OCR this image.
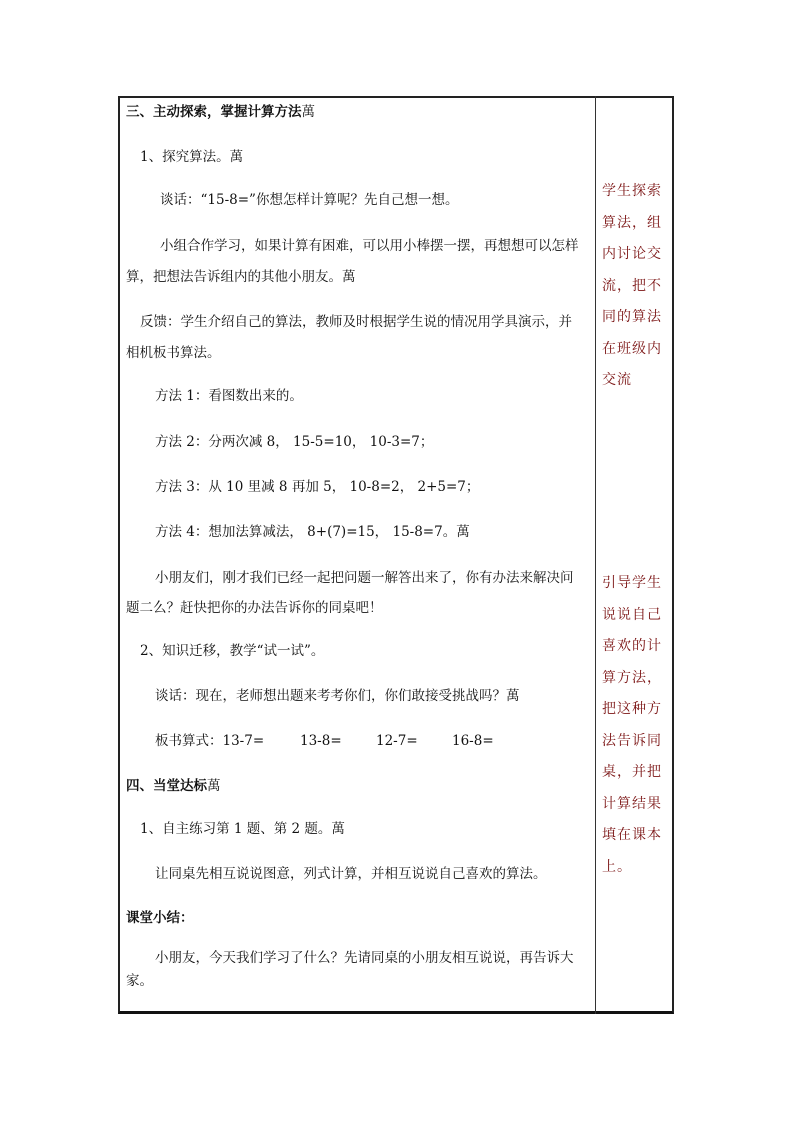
三、主动探索，掌握计算方法萬

1、探究算法。萬

谈话：“15-8=”你想怎样计算呢？先自己想一想。

小组合作学习，如果计算有困难，可以用小棒摆一摆，再想想可以怎样

算，把想法告诉组内的其他小朋友。萬

反馈：学生介绍自己的算法，教师及时根据学生说的情况用学具演示，并

相机板书算法。

方法 1：看图数出来的。

方法 2：分两次减 8， 15-5=10， 10-3=7；

方法 3：从 10 里减 8 再加 5， 10-8=2， 2+5=7；

方法 4：想加法算减法， 8+(7)=15， 15-8=7。萬

小朋友们，刚才我们已经一起把问题一解答出来了，你有办法来解决问

题二么？赶快把你的办法告诉你的同桌吧！

2、知识迁移，教学“试一试”。

谈话：现在，老师想出题来考考你们，你们敢接受挑战吗？萬

板书算式：13-7=	13-8=	12-7=	16-8=

四、当堂达标萬

1、自主练习第 1 题、第 2 题。萬

让同桌先相互说说图意，列式计算，并相互说说自己喜欢的算法。

课堂小结：

小朋友，今天我们学习了什么？先请同桌的小朋友相互说说，再告诉大

家。

学生探索
算法，组
内讨论交
流，把不
同的算法
在班级内
交流
引导学生
说说自己
喜欢的计
算方法，
把这种方
法告诉同
桌，并把
计算结果
填在课本
上。
